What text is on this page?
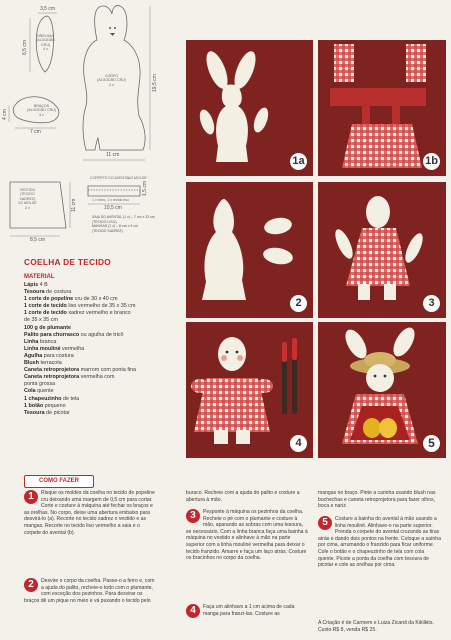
3,5 cm
8,5 cm
ORELHAS
(ALGODÃO
CRU)
4 x
CORPO
(ALGODÃO CRU)
2 x
11 cm
19,5 cm
BRAÇOS
(ALGODÃO CRU)
4 x
7 cm
4 cm
VESTIDO
(TECIDO
XADREZ)
1/2 MOLDE
2 x
8,5 cm
11 cm
CORPETE DO AVENTAL
1/2 MOLDE
1 x forro, 1 x tecido liso
1,5 cm
10,5 cm
SAIA DO AVENTAL (1 x) – 7 cm x 22 cm
(TECIDO LISO)
MANGAS (1 x) – 8 cm x 9 cm
(TECIDO XADREZ)
1a	1b
2	3
4	5
COELHA DE TECIDO
MATERIAL
Lápis 4 B
Tesoura de costura
1 corte de popeline cru de 30 x 40 cm
1 corte de tecido liso vermelho de 35 x 35 cm
1 corte de tecido xadrez vermelho e branco
de 35 x 35 cm
100 g de plumante
Palito para churrasco ou agulha de tricô
Linha branca
Linha mouliné vermelha
Agulha para costura
Blush terracota
Caneta retroprojetora marrom com ponta fina
Caneta retroprojetora vermelha com
ponta grossa
Cola quente
1 chapeuzinho de tela
1 botão pequeno
Tesoura de picotar
COMO FAZER
1	Risque os moldes da coelha no tecido de popeline cru deixando uma margem de 0,5 cm para cortar. Corte e costure à máquina até fechar os braços e as orelhas. No corpo, deixe uma abertura embaixo para desvirá-lo (a). Recorte no tecido xadrez o vestido e as mangas. Recorte no tecido liso vermelho a saia e o corpete do avental (b).
2	Desvire o corpo da coelha. Passe-o a ferro e, com a ajuda do palito, recheie-o todo com o plumante, com exceção dos pezinhos. Para desvirar os braços dê um pique no meio e vá puxando o tecido pelo
buraco. Recheie com a ajuda do palito e costure a abertura à mão.
3	Pesponte à máquina os pezinhos da coelha. Recheie o pé com o plumante e costure à mão, aparando as sobras com uma tesoura, se necessário. Com a linha branca faça uma bainha à máquina no vestido e alinhave à mão na parte superior com a linha mouliné vermelha para deixar o tecido franzido. Amarre e faça um laço atrás. Costure os bracinhos no corpo da coelha.
4	Faça um alinhavo a 1 cm acima de cada manga para franzi-las. Costure as
mangas no braço. Pinte a carinha usando blush nas bochechas e caneta retroprojetora para fazer olhos, boca e nariz.
5	Costure a bainha do avental à mão usando a linha mouliné. Alinhave-o na parte superior. Prenda o corpete do avental cruzando as tiras atrás e dando dois pontos na frente. Coloque a saínha por cima, arrumando o franzido para ficar uniforme. Cole o botão e o chapeuzinho de tela com cola quente. Picote a ponta da coelha com tesoura de picotar e cole as orelhas por cima.
A Criação é de Carmem e Luiza Zicardi da Kikilkits. Custo R$ 8, venda R$ 25.
